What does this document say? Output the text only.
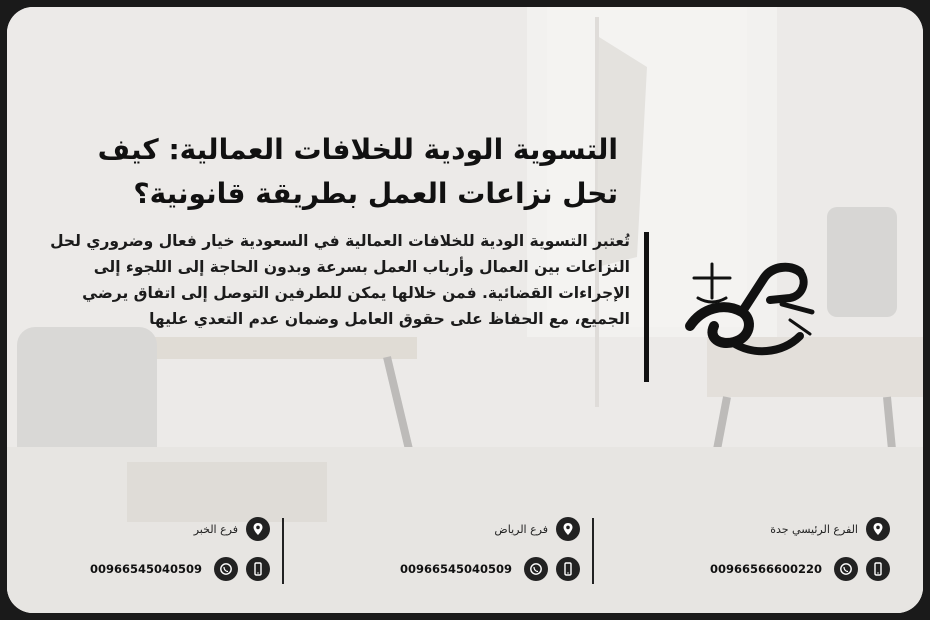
التسوية الودية للخلافات العمالية: كيف تحل نزاعات العمل بطريقة قانونية؟
تُعتبر التسوية الودية للخلافات العمالية في السعودية خيار فعال وضروري لحل النزاعات بين العمال وأرباب العمل بسرعة وبدون الحاجة إلى اللجوء إلى الإجراءات القضائية. فمن خلالها يمكن للطرفين التوصل إلى اتفاق يرضي الجميع، مع الحفاظ على حقوق العامل وضمان عدم التعدي عليها
الفرع الرئيسي جدة
00966566600220
فرع الرياض
00966545040509
فرع الخبر
00966545040509
